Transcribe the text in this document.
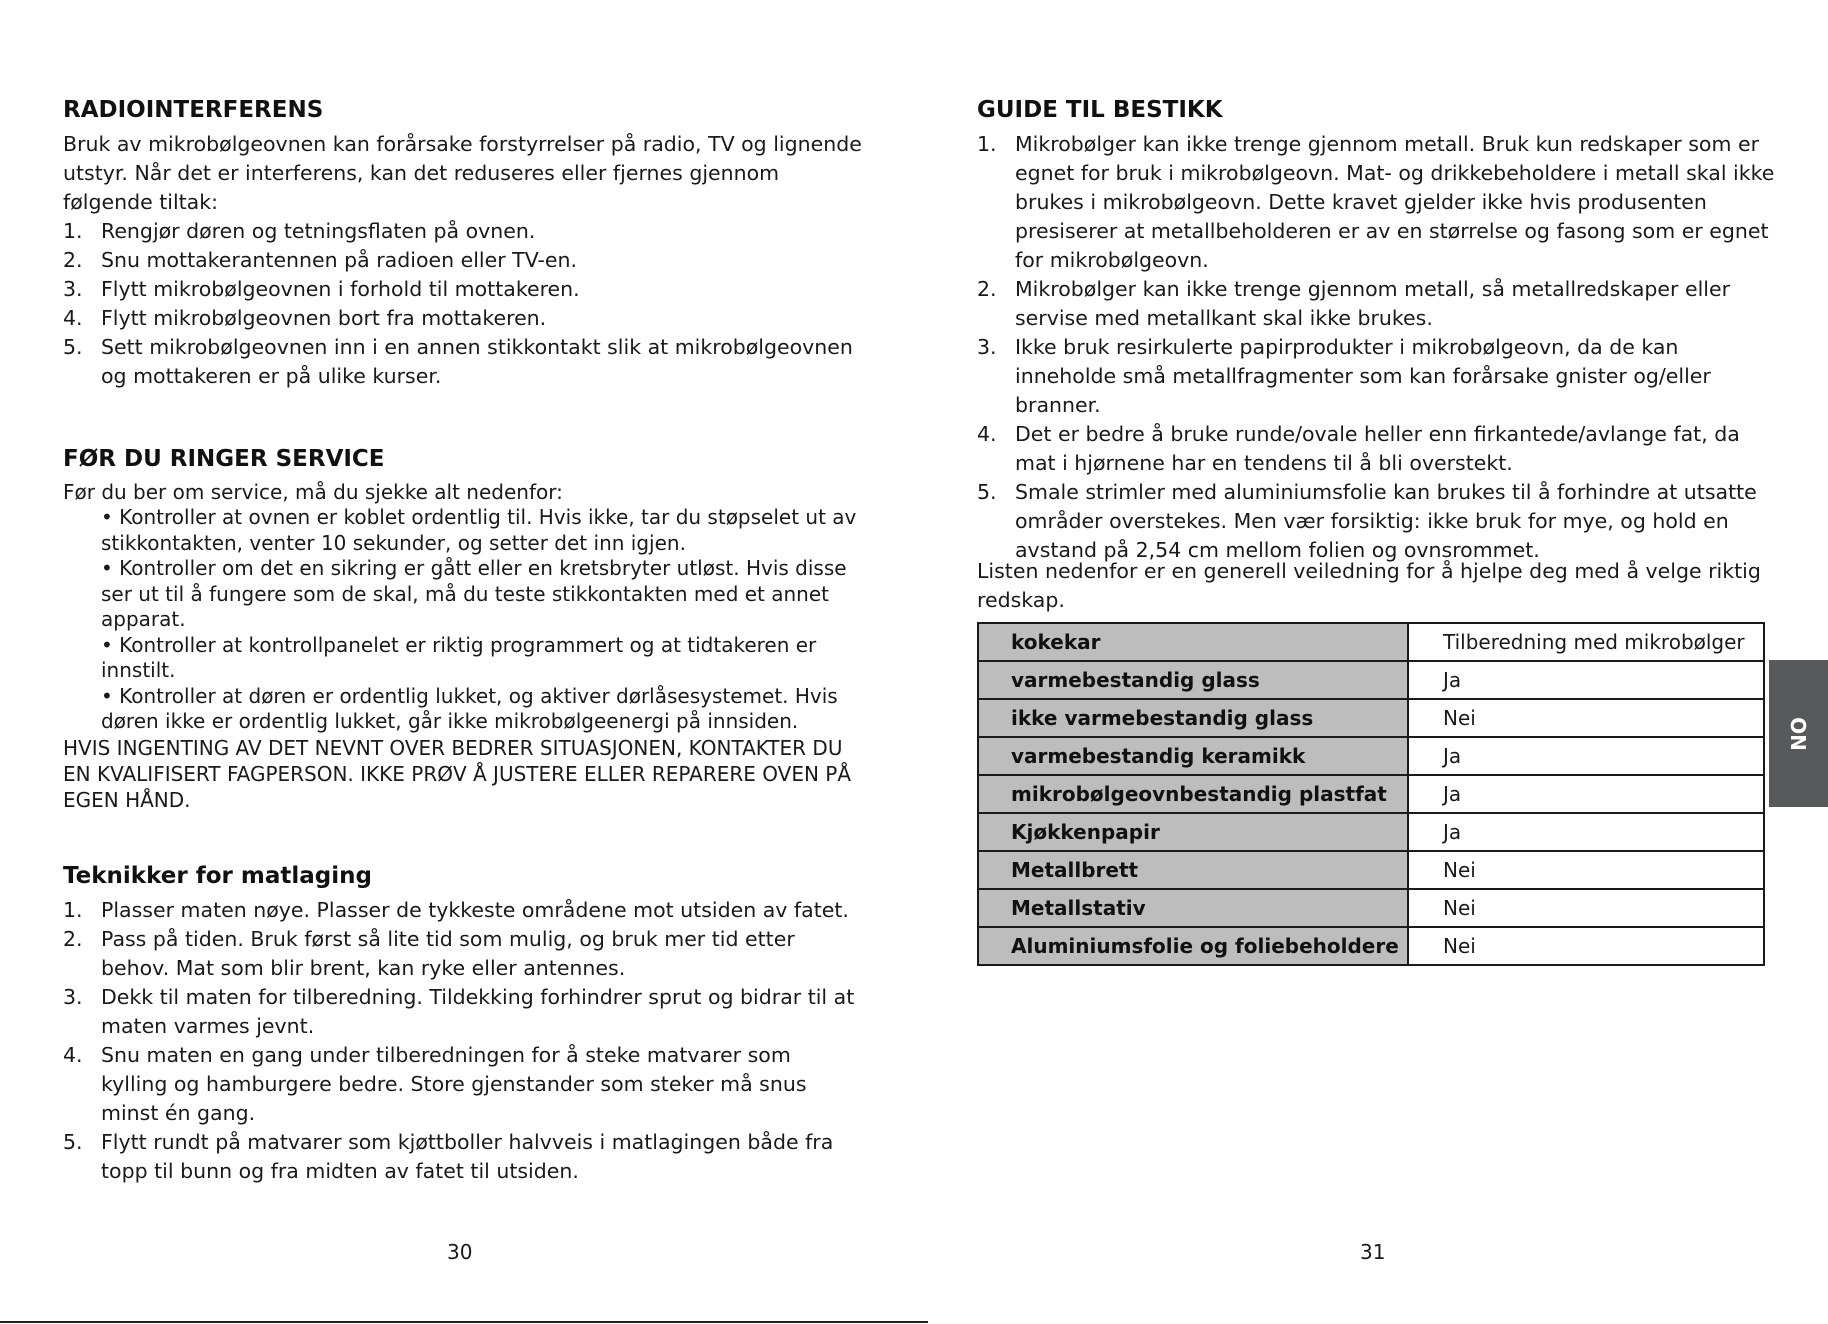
RADIOINTERFERENS

Bruk av mikrobølgeovnen kan forårsake forstyrrelser på radio, TV og lignende utstyr. Når det er interferens, kan det reduseres eller fjernes gjennom følgende tiltak:

1. Rengjør døren og tetningsflaten på ovnen.
2. Snu mottakerantennen på radioen eller TV-en.
3. Flytt mikrobølgeovnen i forhold til mottakeren.
4. Flytt mikrobølgeovnen bort fra mottakeren.
5. Sett mikrobølgeovnen inn i en annen stikkontakt slik at mikrobølgeovnen og mottakeren er på ulike kurser.
FØR DU RINGER SERVICE

Før du ber om service, må du sjekke alt nedenfor:

• Kontroller at ovnen er koblet ordentlig til. Hvis ikke, tar du støpselet ut av stikkontakten, venter 10 sekunder, og setter det inn igjen.

• Kontroller om det en sikring er gått eller en kretsbryter utløst. Hvis disse ser ut til å fungere som de skal, må du teste stikkontakten med et annet apparat.

• Kontroller at kontrollpanelet er riktig programmert og at tidtakeren er innstilt.

• Kontroller at døren er ordentlig lukket, og aktiver dørlåsesystemet. Hvis døren ikke er ordentlig lukket, går ikke mikrobølgeenergi på innsiden.

HVIS INGENTING AV DET NEVNT OVER BEDRER SITUASJONEN, KONTAKTER DU EN KVALIFISERT FAGPERSON. IKKE PRØV Å JUSTERE ELLER REPARERE OVEN PÅ EGEN HÅND.

Teknikker for matlaging
1. Plasser maten nøye. Plasser de tykkeste områdene mot utsiden av fatet.
2. Pass på tiden. Bruk først så lite tid som mulig, og bruk mer tid etter behov. Mat som blir brent, kan ryke eller antennes.
3. Dekk til maten for tilberedning. Tildekking forhindrer sprut og bidrar til at maten varmes jevnt.
4. Snu maten en gang under tilberedningen for å steke matvarer som kylling og hamburgere bedre. Store gjenstander som steker må snus minst én gang.
5. Flytt rundt på matvarer som kjøttboller halvveis i matlagingen både fra topp til bunn og fra midten av fatet til utsiden.
30
GUIDE TIL BESTIKK
1. Mikrobølger kan ikke trenge gjennom metall. Bruk kun redskaper som er egnet for bruk i mikrobølgeovn. Mat- og drikkebeholdere i metall skal ikke brukes i mikrobølgeovn. Dette kravet gjelder ikke hvis produsenten presiserer at metallbeholderen er av en størrelse og fasong som er egnet for mikrobølgeovn.
2. Mikrobølger kan ikke trenge gjennom metall, så metallredskaper eller servise med metallkant skal ikke brukes.
3. Ikke bruk resirkulerte papirprodukter i mikrobølgeovn, da de kan inneholde små metallfragmenter som kan forårsake gnister og/eller branner.
4. Det er bedre å bruke runde/ovale heller enn firkantede/avlange fat, da mat i hjørnene har en tendens til å bli overstekt.
5. Smale strimler med aluminiumsfolie kan brukes til å forhindre at utsatte områder overstekes. Men vær forsiktig: ikke bruk for mye, og hold en avstand på 2,54 cm mellom folien og ovnsrommet.

Listen nedenfor er en generell veiledning for å hjelpe deg med å velge riktig redskap.

kokekar	Tilberedning med mikrobølger
varmebestandig glass	Ja
ikke varmebestandig glass	Nei
varmebestandig keramikk	Ja
mikrobølgeovnbestandig plastfat	Ja
Kjøkkenpapir	Ja
Metallbrett	Nei
Metallstativ	Nei
Aluminiumsfolie og foliebeholdere	Nei
31
NO
